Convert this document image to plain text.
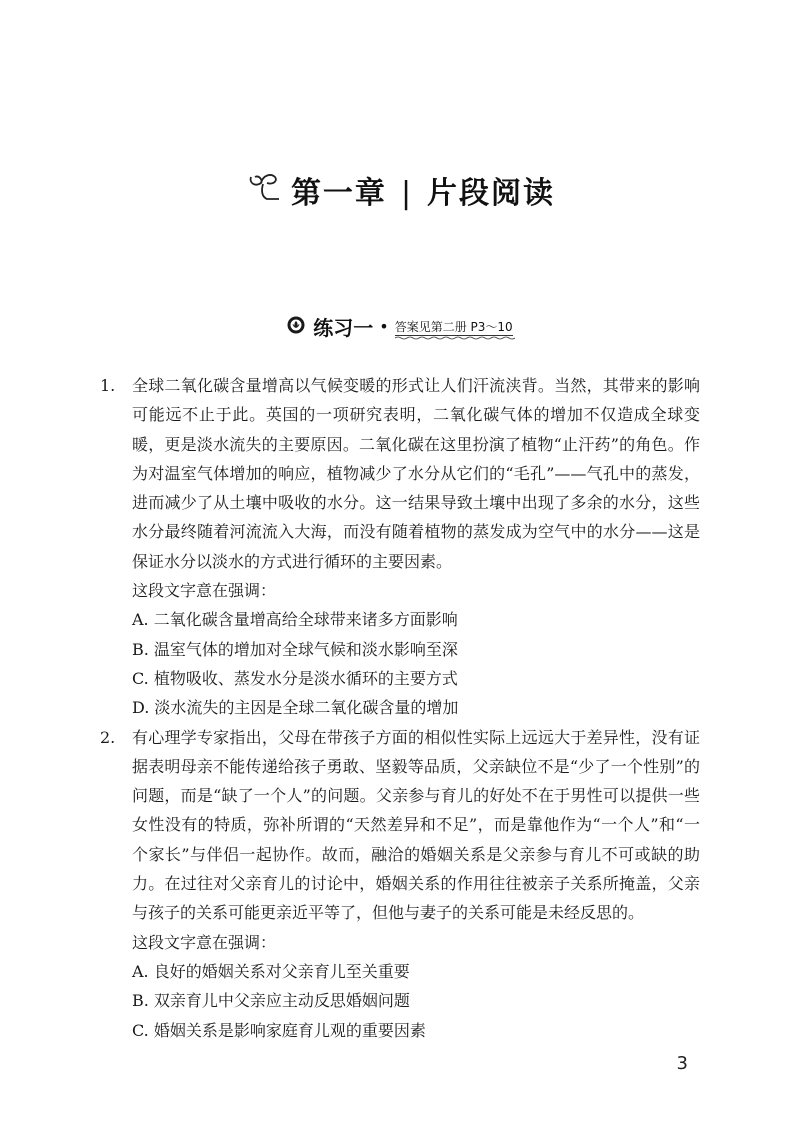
第一章 | 片段阅读
练习一 • 答案见第二册 P3～10
1.	全球二氧化碳含量增高以气候变暖的形式让人们汗流浃背。当然，其带来的影响可能远不止于此。英国的一项研究表明，二氧化碳气体的增加不仅造成全球变暖，更是淡水流失的主要原因。二氧化碳在这里扮演了植物“止汗药”的角色。作为对温室气体增加的响应，植物减少了水分从它们的“毛孔”——气孔中的蒸发，进而减少了从土壤中吸收的水分。这一结果导致土壤中出现了多余的水分，这些水分最终随着河流流入大海，而没有随着植物的蒸发成为空气中的水分——这是保证水分以淡水的方式进行循环的主要因素。
这段文字意在强调：
A. 二氧化碳含量增高给全球带来诸多方面影响
B. 温室气体的增加对全球气候和淡水影响至深
C. 植物吸收、蒸发水分是淡水循环的主要方式
D. 淡水流失的主因是全球二氧化碳含量的增加
2.	有心理学专家指出，父母在带孩子方面的相似性实际上远远大于差异性，没有证据表明母亲不能传递给孩子勇敢、坚毅等品质，父亲缺位不是“少了一个性别”的问题，而是“缺了一个人”的问题。父亲参与育儿的好处不在于男性可以提供一些女性没有的特质，弥补所谓的“天然差异和不足”，而是靠他作为“一个人”和“一个家长”与伴侣一起协作。故而，融洽的婚姻关系是父亲参与育儿不可或缺的助力。在过往对父亲育儿的讨论中，婚姻关系的作用往往被亲子关系所掩盖，父亲与孩子的关系可能更亲近平等了，但他与妻子的关系可能是未经反思的。
这段文字意在强调：
A. 良好的婚姻关系对父亲育儿至关重要
B. 双亲育儿中父亲应主动反思婚姻问题
C. 婚姻关系是影响家庭育儿观的重要因素
3
